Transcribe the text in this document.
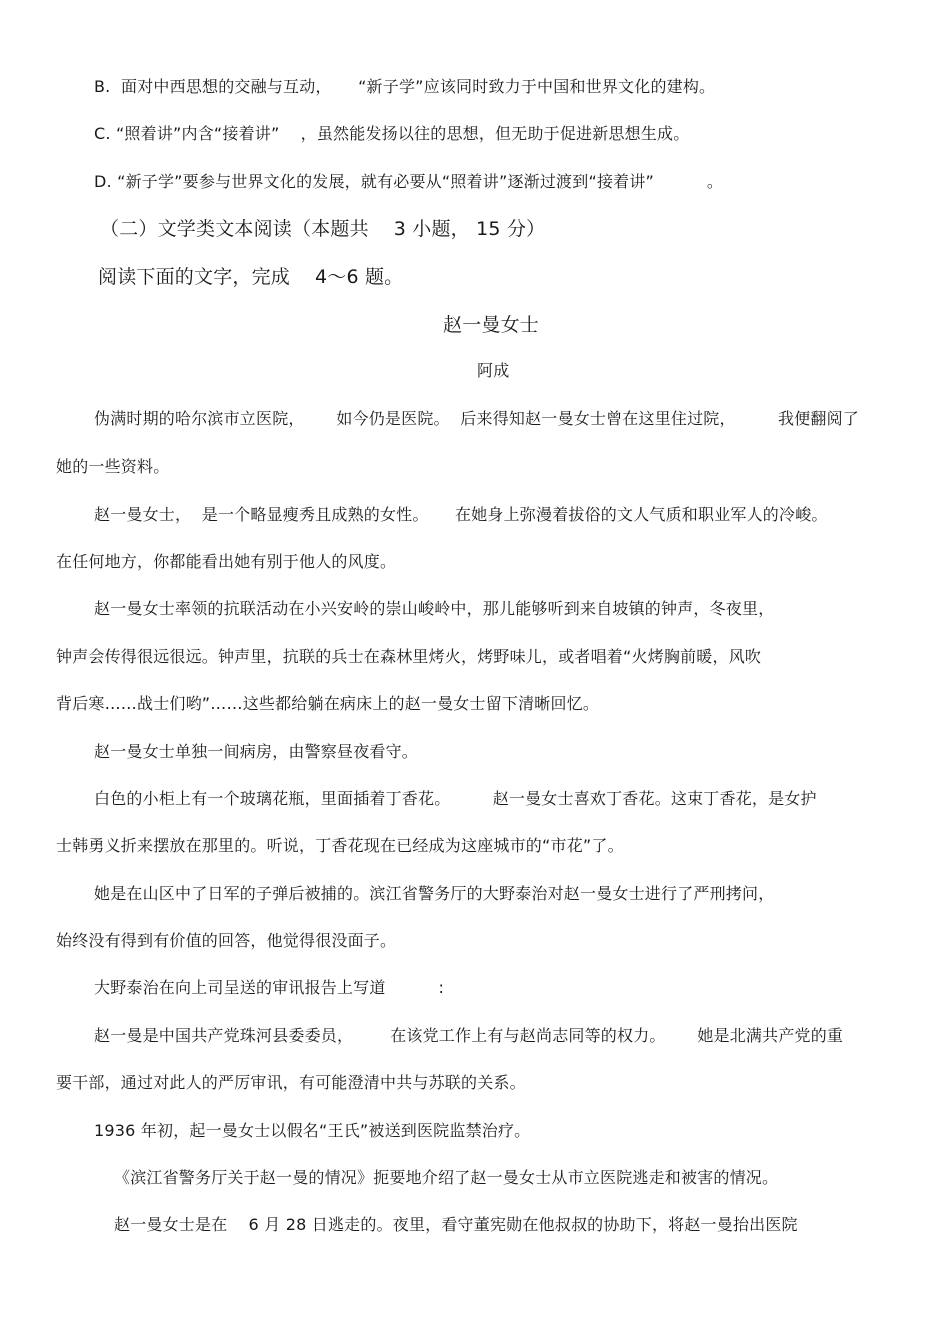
B.  面对中西思想的交融与互动，     “新子学”应该同时致力于中国和世界文化的建构。
C. “照着讲”内含“接着讲”    ，虽然能发扬以往的思想，但无助于促进新思想生成。
D. “新子学”要参与世界文化的发展，就有必要从“照着讲”逐渐过渡到“接着讲”          。
（二）文学类文本阅读（本题共    3 小题， 15 分）
阅读下面的文字，完成    4～6 题。
赵一曼女士
阿成
伪满时期的哈尔滨市立医院，      如今仍是医院。  后来得知赵一曼女士曾在这里住过院，        我便翻阅了
她的一些资料。
赵一曼女士，  是一个略显瘦秀且成熟的女性。     在她身上弥漫着拔俗的文人气质和职业军人的冷峻。
在任何地方，你都能看出她有别于他人的风度。
赵一曼女士率领的抗联活动在小兴安岭的崇山峻岭中，那儿能够听到来自坡镇的钟声，冬夜里，
钟声会传得很远很远。钟声里，抗联的兵士在森林里烤火，烤野味儿，或者唱着“火烤胸前暖，风吹
背后寒……战士们哟”……这些都给躺在病床上的赵一曼女士留下清晰回忆。
赵一曼女士单独一间病房，由警察昼夜看守。
白色的小柜上有一个玻璃花瓶，里面插着丁香花。        赵一曼女士喜欢丁香花。这束丁香花，是女护
士韩勇义折来摆放在那里的。听说，丁香花现在已经成为这座城市的“市花”了。
她是在山区中了日军的子弹后被捕的。滨江省警务厅的大野泰治对赵一曼女士进行了严刑拷问，
始终没有得到有价值的回答，他觉得很没面子。
大野泰治在向上司呈送的审讯报告上写道          :
赵一曼是中国共产党珠河县委委员，       在该党工作上有与赵尚志同等的权力。      她是北满共产党的重
要干部，通过对此人的严厉审讯，有可能澄清中共与苏联的关系。
1936 年初，起一曼女士以假名“王氏”被送到医院监禁治疗。
《滨江省警务厅关于赵一曼的情况》扼要地介绍了赵一曼女士从市立医院逃走和被害的情况。
赵一曼女士是在    6 月 28 日逃走的。夜里，看守董宪勋在他叔叔的协助下，将赵一曼抬出医院
